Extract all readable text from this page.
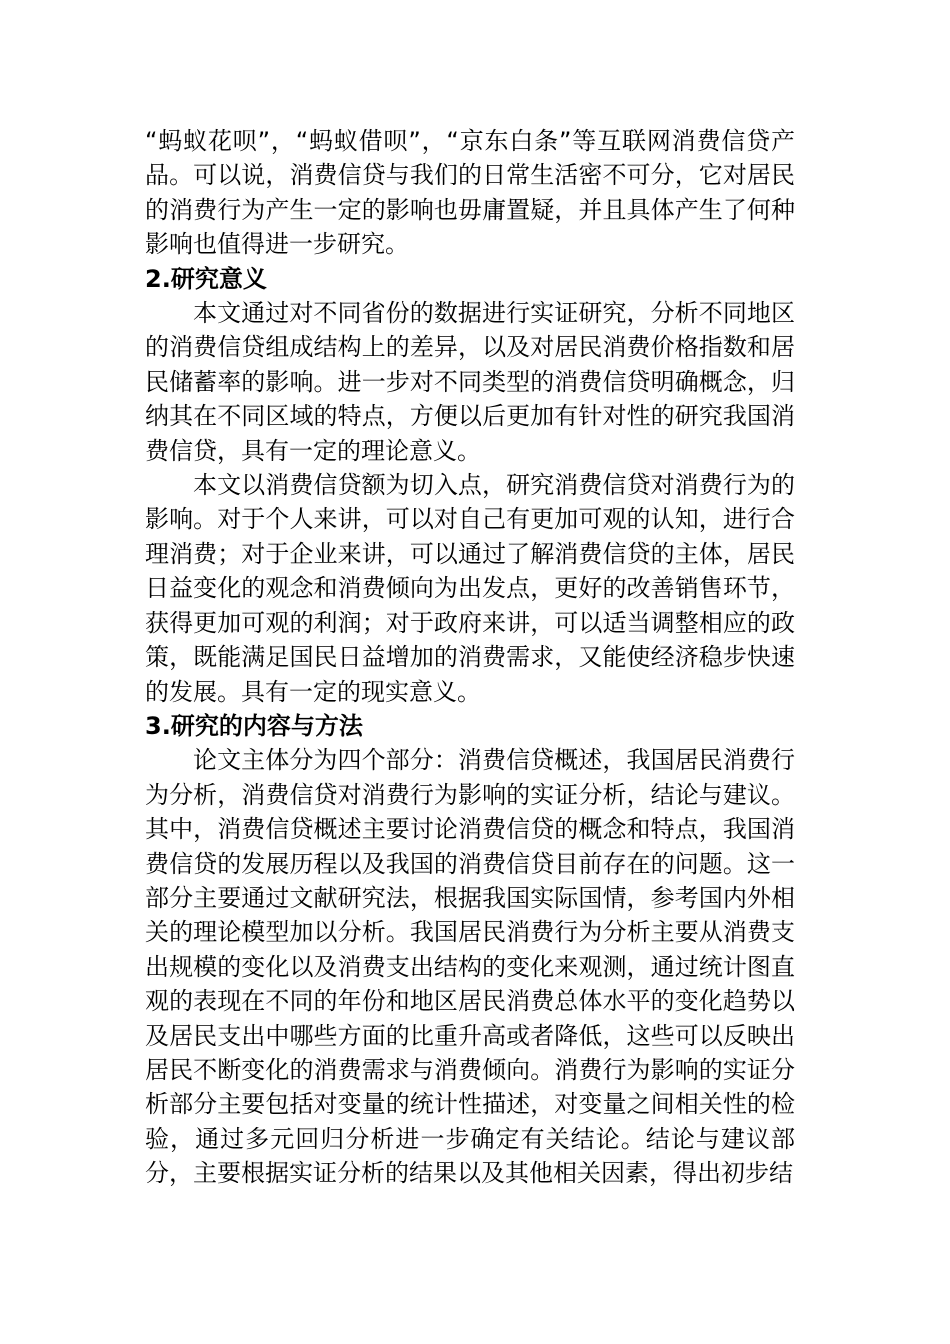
“蚂蚁花呗”，“蚂蚁借呗”，“京东白条”等互联网消费信贷产品。可以说，消费信贷与我们的日常生活密不可分，它对居民的消费行为产生一定的影响也毋庸置疑，并且具体产生了何种影响也值得进一步研究。

2.研究意义

本文通过对不同省份的数据进行实证研究，分析不同地区的消费信贷组成结构上的差异，以及对居民消费价格指数和居民储蓄率的影响。进一步对不同类型的消费信贷明确概念，归纳其在不同区域的特点，方便以后更加有针对性的研究我国消费信贷，具有一定的理论意义。

本文以消费信贷额为切入点，研究消费信贷对消费行为的影响。对于个人来讲，可以对自己有更加可观的认知，进行合理消费；对于企业来讲，可以通过了解消费信贷的主体，居民日益变化的观念和消费倾向为出发点，更好的改善销售环节，获得更加可观的利润；对于政府来讲，可以适当调整相应的政策，既能满足国民日益增加的消费需求，又能使经济稳步快速的发展。具有一定的现实意义。

3.研究的内容与方法

论文主体分为四个部分：消费信贷概述，我国居民消费行为分析，消费信贷对消费行为影响的实证分析，结论与建议。其中，消费信贷概述主要讨论消费信贷的概念和特点，我国消费信贷的发展历程以及我国的消费信贷目前存在的问题。这一部分主要通过文献研究法，根据我国实际国情，参考国内外相关的理论模型加以分析。我国居民消费行为分析主要从消费支出规模的变化以及消费支出结构的变化来观测，通过统计图直观的表现在不同的年份和地区居民消费总体水平的变化趋势以及居民支出中哪些方面的比重升高或者降低，这些可以反映出居民不断变化的消费需求与消费倾向。消费行为影响的实证分析部分主要包括对变量的统计性描述，对变量之间相关性的检验，通过多元回归分析进一步确定有关结论。结论与建议部分，主要根据实证分析的结果以及其他相关因素，得出初步结
